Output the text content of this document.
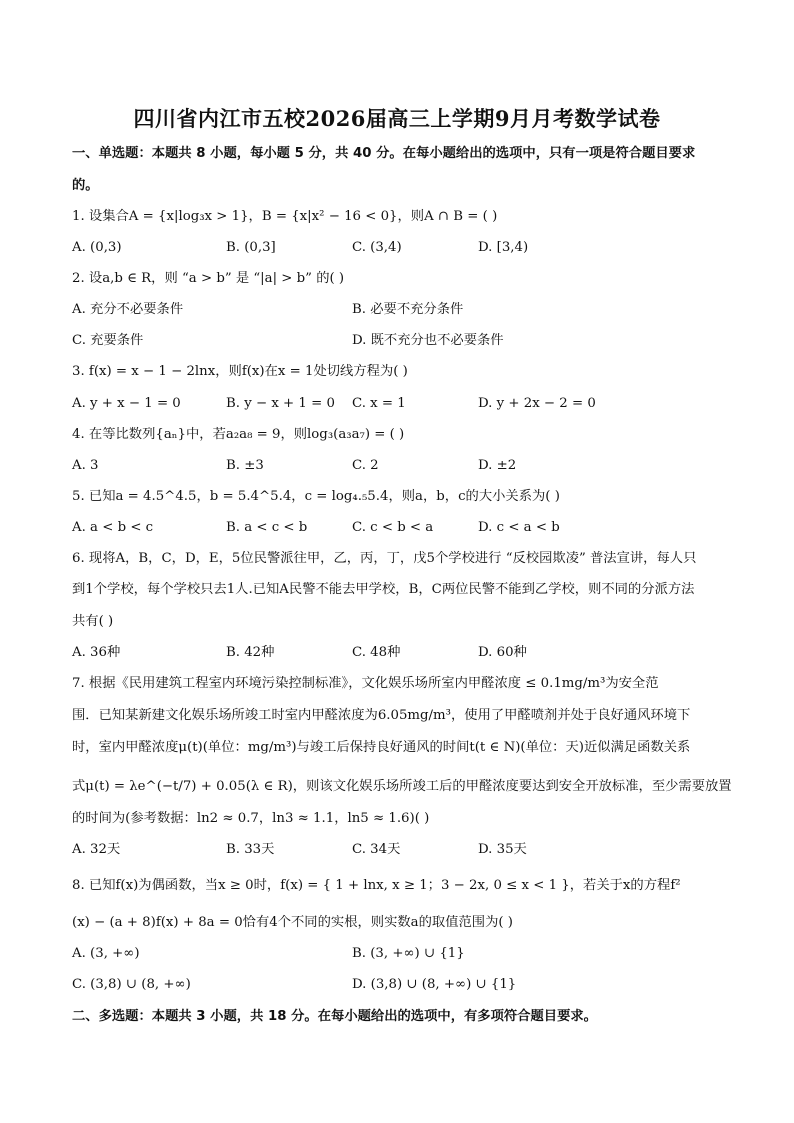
四川省内江市五校2026届高三上学期9月月考数学试卷
一、单选题：本题共 8 小题，每小题 5 分，共 40 分。在每小题给出的选项中，只有一项是符合题目要求
的。
1. 设集合A = {x|log₃x > 1}，B = {x|x² − 16 < 0}，则A ∩ B = ( )
A. (0,3)	B. (0,3]	C. (3,4)	D. [3,4)
2. 设a,b ∈ R，则 “a > b” 是 “|a| > b” 的( )
A. 充分不必要条件	B. 必要不充分条件
C. 充要条件	D. 既不充分也不必要条件
3. f(x) = x − 1 − 2lnx，则f(x)在x = 1处切线方程为( )
A. y + x − 1 = 0	B. y − x + 1 = 0 C. x = 1	D. y + 2x − 2 = 0
4. 在等比数列{aₙ}中，若a₂a₈ = 9，则log₃(a₃a₇) = ( )
A. 3	B. ±3	C. 2	D. ±2
5. 已知a = 4.5^4.5，b = 5.4^5.4，c = log₄.₅5.4，则a，b，c的大小关系为( )
A. a < b < c	B. a < c < b	C. c < b < a	D. c < a < b
6. 现将A，B，C，D，E，5位民警派往甲，乙，丙，丁，戊5个学校进行 “反校园欺凌” 普法宣讲，每人只
到1个学校，每个学校只去1人.已知A民警不能去甲学校，B，C两位民警不能到乙学校，则不同的分派方法
共有( )
A. 36种	B. 42种	C. 48种	D. 60种
7. 根据《民用建筑工程室内环境污染控制标准》，文化娱乐场所室内甲醛浓度 ≤ 0.1mg/m³为安全范
围．已知某新建文化娱乐场所竣工时室内甲醛浓度为6.05mg/m³，使用了甲醛喷剂并处于良好通风环境下
时，室内甲醛浓度μ(t)(单位：mg/m³)与竣工后保持良好通风的时间t(t ∈ N)(单位：天)近似满足函数关系
式μ(t) = λe^(−t/7) + 0.05(λ ∈ R)，则该文化娱乐场所竣工后的甲醛浓度要达到安全开放标准，至少需要放置
的时间为(参考数据：ln2 ≈ 0.7，ln3 ≈ 1.1，ln5 ≈ 1.6)( )
A. 32天	B. 33天	C. 34天	D. 35天
8. 已知f(x)为偶函数，当x ≥ 0时，f(x) = { 1 + lnx, x ≥ 1；3 − 2x, 0 ≤ x < 1 }，若关于x的方程f²
(x) − (a + 8)f(x) + 8a = 0恰有4个不同的实根，则实数a的取值范围为( )
A. (3, +∞)	B. (3, +∞) ∪ {1}
C. (3,8) ∪ (8, +∞)	D. (3,8) ∪ (8, +∞) ∪ {1}
二、多选题：本题共 3 小题，共 18 分。在每小题给出的选项中，有多项符合题目要求。
